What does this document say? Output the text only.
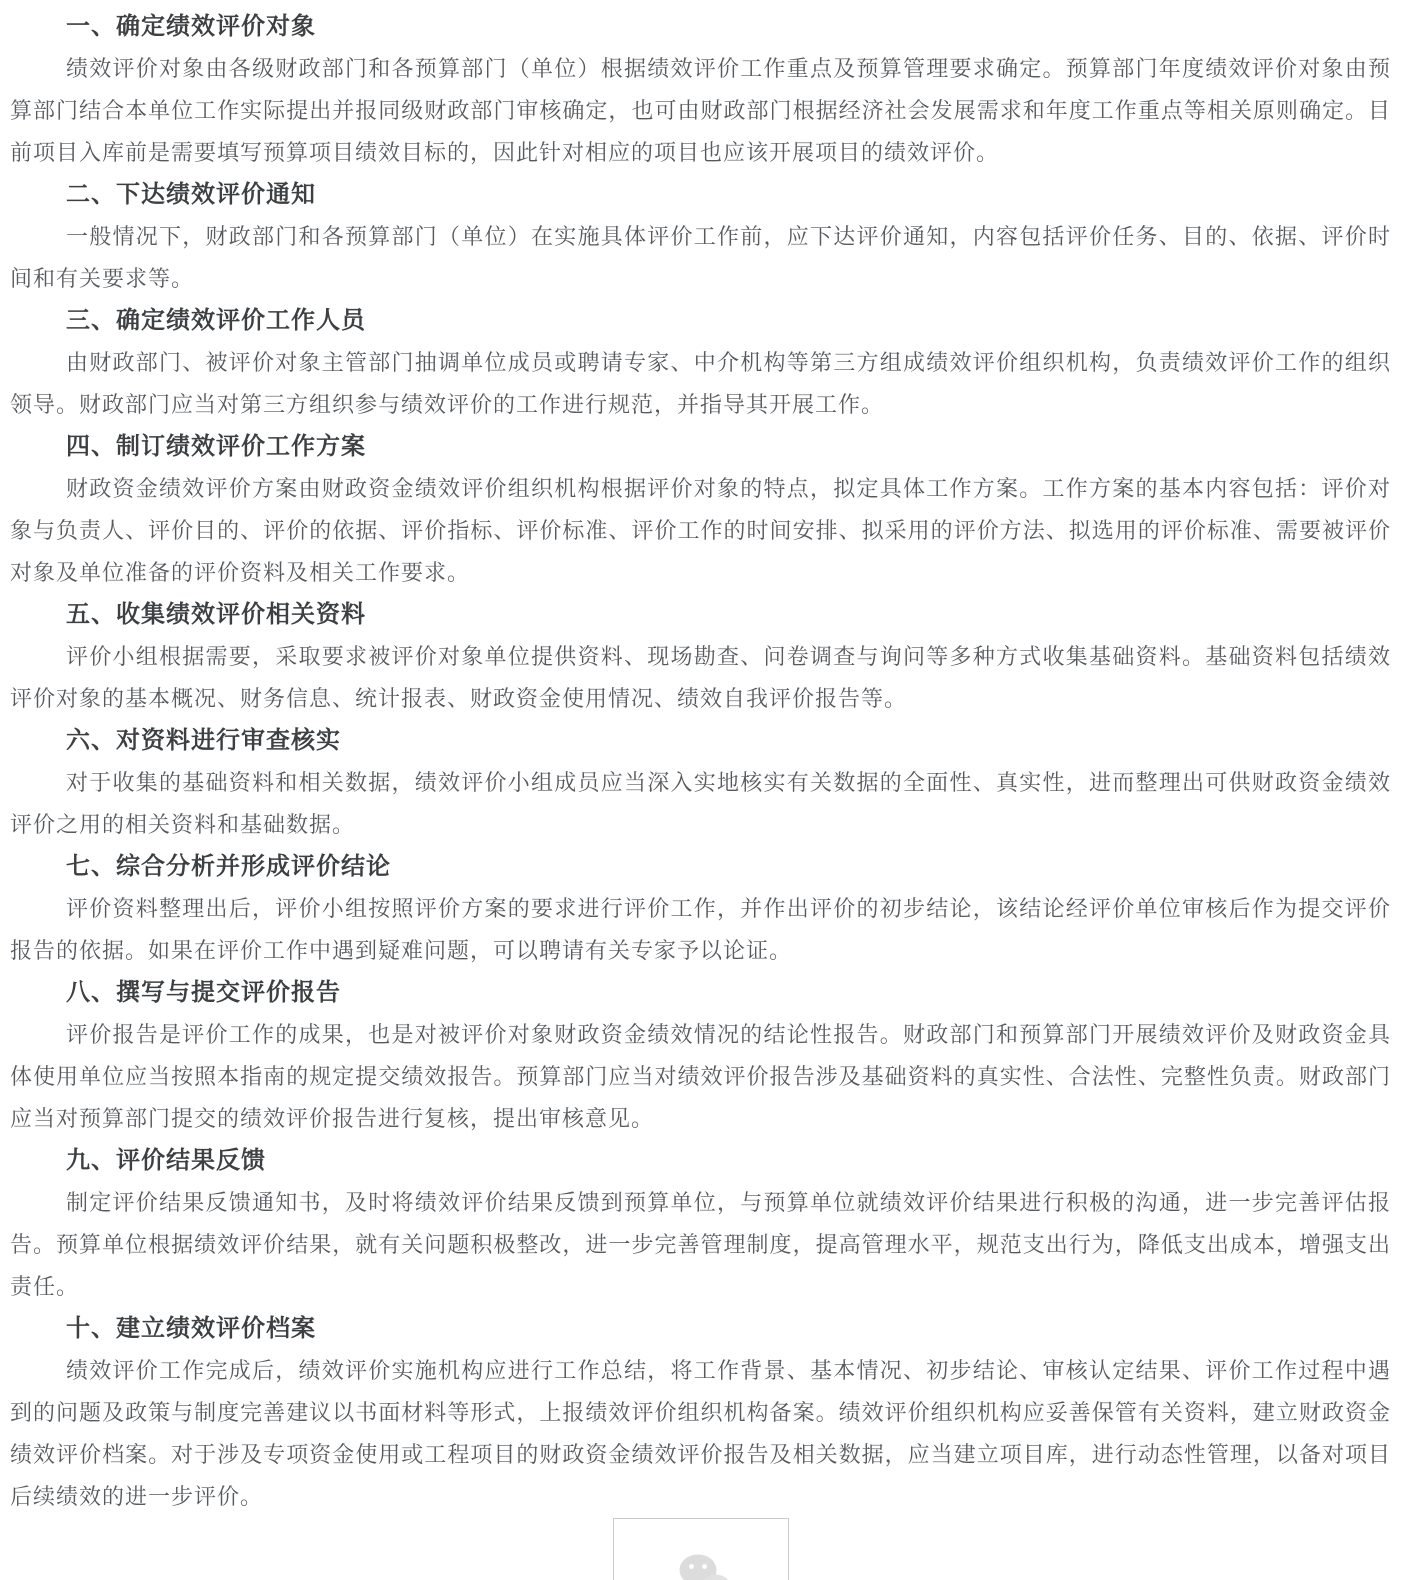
一、确定绩效评价对象

绩效评价对象由各级财政部门和各预算部门（单位）根据绩效评价工作重点及预算管理要求确定。预算部门年度绩效评价对象由预算部门结合本单位工作实际提出并报同级财政部门审核确定，也可由财政部门根据经济社会发展需求和年度工作重点等相关原则确定。目前项目入库前是需要填写预算项目绩效目标的，因此针对相应的项目也应该开展项目的绩效评价。

二、下达绩效评价通知

一般情况下，财政部门和各预算部门（单位）在实施具体评价工作前，应下达评价通知，内容包括评价任务、目的、依据、评价时间和有关要求等。

三、确定绩效评价工作人员

由财政部门、被评价对象主管部门抽调单位成员或聘请专家、中介机构等第三方组成绩效评价组织机构，负责绩效评价工作的组织领导。财政部门应当对第三方组织参与绩效评价的工作进行规范，并指导其开展工作。

四、制订绩效评价工作方案

财政资金绩效评价方案由财政资金绩效评价组织机构根据评价对象的特点，拟定具体工作方案。工作方案的基本内容包括：评价对象与负责人、评价目的、评价的依据、评价指标、评价标准、评价工作的时间安排、拟采用的评价方法、拟选用的评价标准、需要被评价对象及单位准备的评价资料及相关工作要求。

五、收集绩效评价相关资料

评价小组根据需要，采取要求被评价对象单位提供资料、现场勘查、问卷调查与询问等多种方式收集基础资料。基础资料包括绩效评价对象的基本概况、财务信息、统计报表、财政资金使用情况、绩效自我评价报告等。

六、对资料进行审查核实

对于收集的基础资料和相关数据，绩效评价小组成员应当深入实地核实有关数据的全面性、真实性，进而整理出可供财政资金绩效评价之用的相关资料和基础数据。

七、综合分析并形成评价结论

评价资料整理出后，评价小组按照评价方案的要求进行评价工作，并作出评价的初步结论，该结论经评价单位审核后作为提交评价报告的依据。如果在评价工作中遇到疑难问题，可以聘请有关专家予以论证。

八、撰写与提交评价报告

评价报告是评价工作的成果，也是对被评价对象财政资金绩效情况的结论性报告。财政部门和预算部门开展绩效评价及财政资金具体使用单位应当按照本指南的规定提交绩效报告。预算部门应当对绩效评价报告涉及基础资料的真实性、合法性、完整性负责。财政部门应当对预算部门提交的绩效评价报告进行复核，提出审核意见。

九、评价结果反馈

制定评价结果反馈通知书，及时将绩效评价结果反馈到预算单位，与预算单位就绩效评价结果进行积极的沟通，进一步完善评估报告。预算单位根据绩效评价结果，就有关问题积极整改，进一步完善管理制度，提高管理水平，规范支出行为，降低支出成本，增强支出责任。

十、建立绩效评价档案

绩效评价工作完成后，绩效评价实施机构应进行工作总结，将工作背景、基本情况、初步结论、审核认定结果、评价工作过程中遇到的问题及政策与制度完善建议以书面材料等形式，上报绩效评价组织机构备案。绩效评价组织机构应妥善保管有关资料，建立财政资金绩效评价档案。对于涉及专项资金使用或工程项目的财政资金绩效评价报告及相关数据，应当建立项目库，进行动态性管理，以备对项目后续绩效的进一步评价。
